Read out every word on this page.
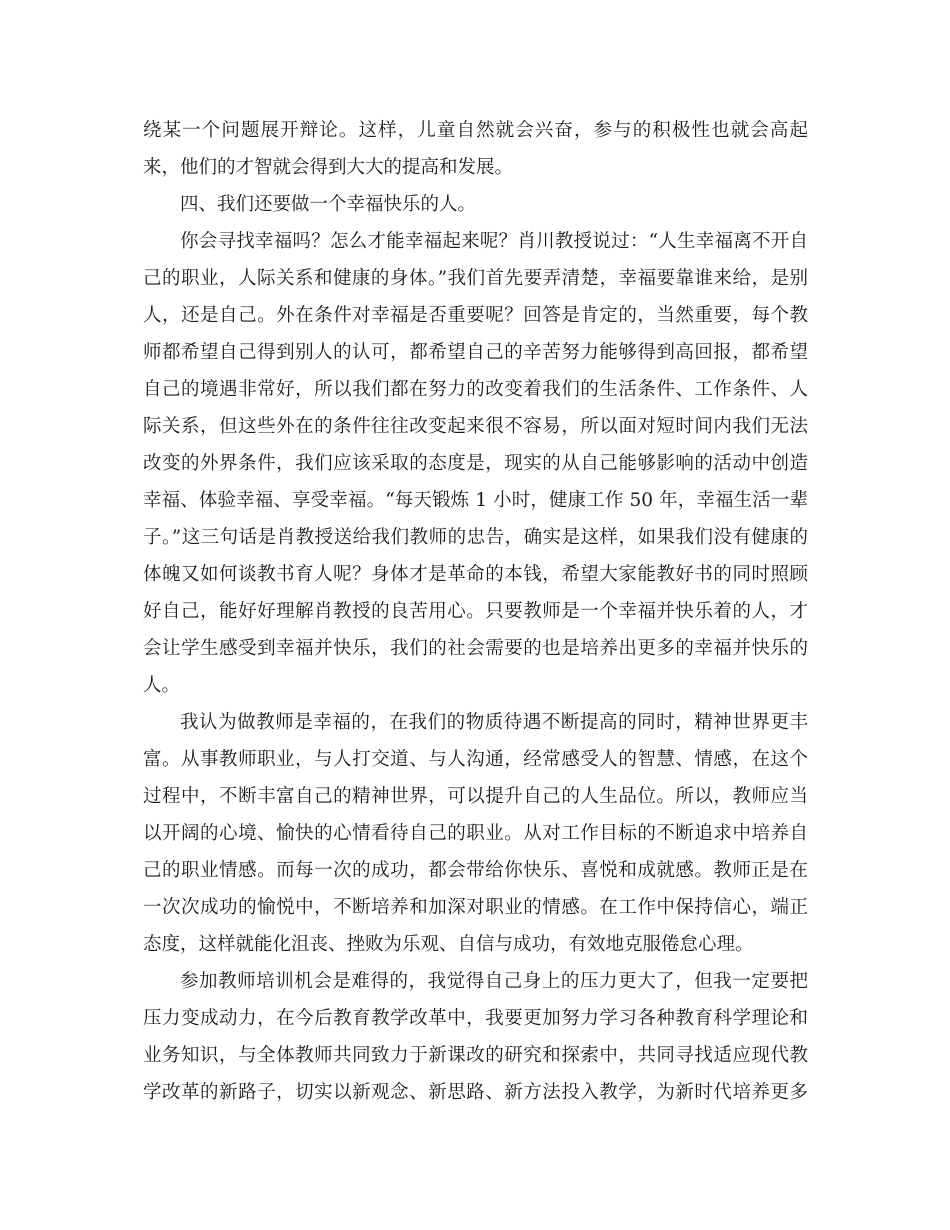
绕某一个问题展开辩论。这样，儿童自然就会兴奋，参与的积极性也就会高起
来，他们的才智就会得到大大的提高和发展。
四、我们还要做一个幸福快乐的人。
你会寻找幸福吗？怎么才能幸福起来呢？肖川教授说过：“人生幸福离不开自
己的职业，人际关系和健康的身体。”我们首先要弄清楚，幸福要靠谁来给，是别
人，还是自己。外在条件对幸福是否重要呢？回答是肯定的，当然重要，每个教
师都希望自己得到别人的认可，都希望自己的辛苦努力能够得到高回报，都希望
自己的境遇非常好，所以我们都在努力的改变着我们的生活条件、工作条件、人
际关系，但这些外在的条件往往改变起来很不容易，所以面对短时间内我们无法
改变的外界条件，我们应该采取的态度是，现实的从自己能够影响的活动中创造
幸福、体验幸福、享受幸福。“每天锻炼 1 小时，健康工作 50 年，幸福生活一辈
子。”这三句话是肖教授送给我们教师的忠告，确实是这样，如果我们没有健康的
体魄又如何谈教书育人呢？身体才是革命的本钱，希望大家能教好书的同时照顾
好自己，能好好理解肖教授的良苦用心。只要教师是一个幸福并快乐着的人，才
会让学生感受到幸福并快乐，我们的社会需要的也是培养出更多的幸福并快乐的
人。
我认为做教师是幸福的，在我们的物质待遇不断提高的同时，精神世界更丰
富。从事教师职业，与人打交道、与人沟通，经常感受人的智慧、情感，在这个
过程中，不断丰富自己的精神世界，可以提升自己的人生品位。所以，教师应当
以开阔的心境、愉快的心情看待自己的职业。从对工作目标的不断追求中培养自
己的职业情感。而每一次的成功，都会带给你快乐、喜悦和成就感。教师正是在
一次次成功的愉悦中，不断培养和加深对职业的情感。在工作中保持信心，端正
态度，这样就能化沮丧、挫败为乐观、自信与成功，有效地克服倦怠心理。
参加教师培训机会是难得的，我觉得自己身上的压力更大了，但我一定要把
压力变成动力，在今后教育教学改革中，我要更加努力学习各种教育科学理论和
业务知识，与全体教师共同致力于新课改的研究和探索中，共同寻找适应现代教
学改革的新路子，切实以新观念、新思路、新方法投入教学，为新时代培养更多
